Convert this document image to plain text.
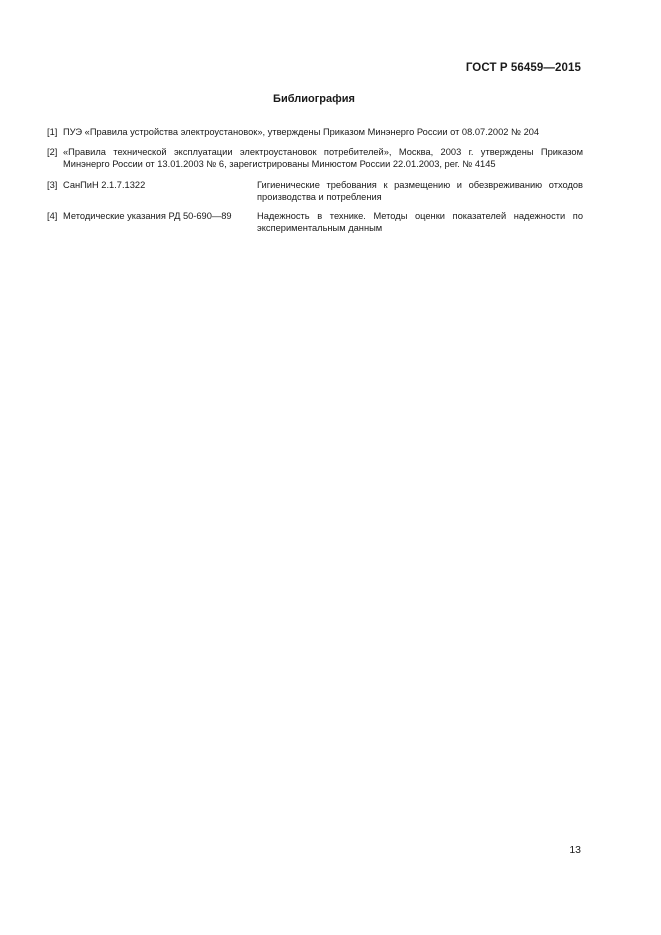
ГОСТ Р 56459—2015
Библиография
[1] ПУЭ «Правила устройства электроустановок», утверждены Приказом Минэнерго России от 08.07.2002 № 204
[2] «Правила технической эксплуатации электроустановок потребителей», Москва, 2003 г. утверждены Приказом
Минэнерго России от 13.01.2003 № 6, зарегистрированы Минюстом России 22.01.2003, рег. № 4145
[3] СанПиН 2.1.7.1322	Гигиенические требования к размещению и обезвреживанию отходов
производства и потребления
[4] Методические указания РД 50-690—89	Надежность в технике. Методы оценки показателей надежности по
экспериментальным данным
13
